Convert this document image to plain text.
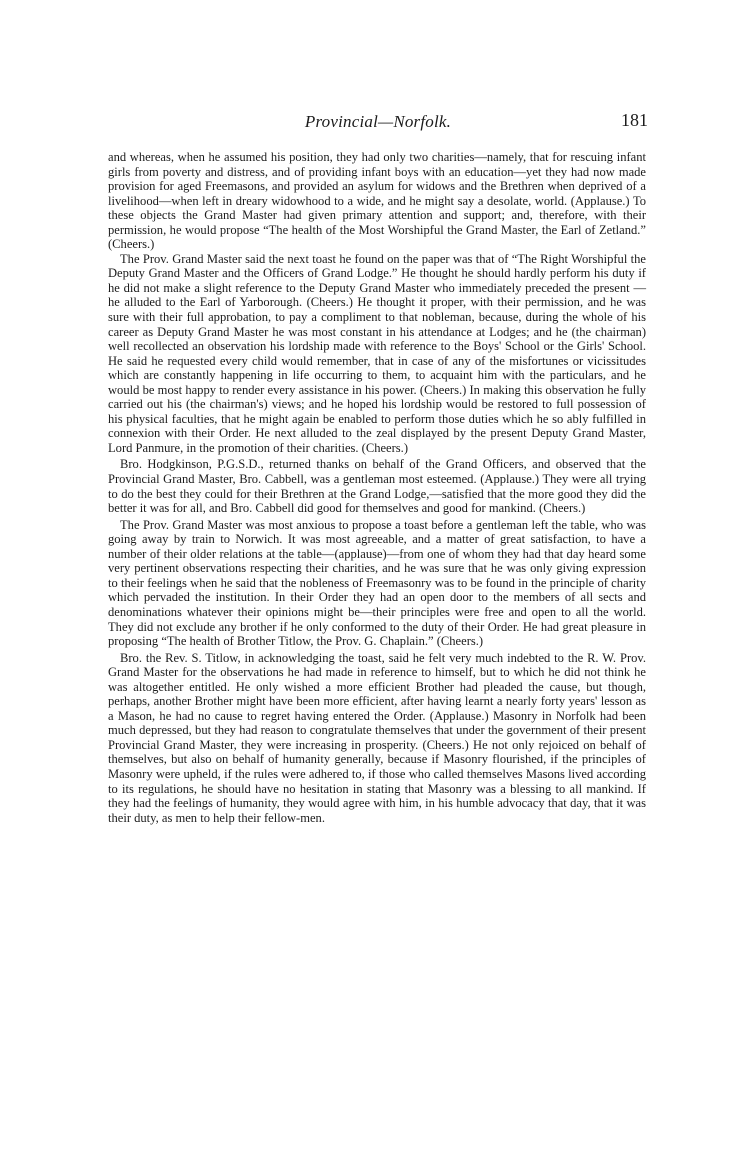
Provincial—Norfolk.	181

and whereas, when he assumed his position, they had only two charities—namely, that for rescuing infant girls from poverty and distress, and of providing infant boys with an education—yet they had now made provision for aged Freemasons, and provided an asylum for widows and the Brethren when deprived of a livelihood—when left in dreary widowhood to a wide, and he might say a desolate, world. (Applause.) To these objects the Grand Master had given primary attention and support; and, therefore, with their permission, he would propose “The health of the Most Worshipful the Grand Master, the Earl of Zetland.” (Cheers.)

The Prov. Grand Master said the next toast he found on the paper was that of “The Right Worshipful the Deputy Grand Master and the Officers of Grand Lodge.” He thought he should hardly perform his duty if he did not make a slight reference to the Deputy Grand Master who immediately preceded the present —he alluded to the Earl of Yarborough. (Cheers.) He thought it proper, with their permission, and he was sure with their full approbation, to pay a compliment to that nobleman, because, during the whole of his career as Deputy Grand Master he was most constant in his attendance at Lodges; and he (the chairman) well recollected an observation his lordship made with reference to the Boys' School or the Girls' School. He said he requested every child would remember, that in case of any of the misfortunes or vicissitudes which are constantly happening in life occurring to them, to acquaint him with the particulars, and he would be most happy to render every assistance in his power. (Cheers.) In making this observation he fully carried out his (the chairman's) views; and he hoped his lordship would be restored to full possession of his physical faculties, that he might again be enabled to perform those duties which he so ably fulfilled in connexion with their Order. He next alluded to the zeal displayed by the present Deputy Grand Master, Lord Panmure, in the promotion of their charities. (Cheers.)

Bro. Hodgkinson, P.G.S.D., returned thanks on behalf of the Grand Officers, and observed that the Provincial Grand Master, Bro. Cabbell, was a gentleman most esteemed. (Applause.) They were all trying to do the best they could for their Brethren at the Grand Lodge,—satisfied that the more good they did the better it was for all, and Bro. Cabbell did good for themselves and good for mankind. (Cheers.)

The Prov. Grand Master was most anxious to propose a toast before a gentleman left the table, who was going away by train to Norwich. It was most agreeable, and a matter of great satisfaction, to have a number of their older relations at the table—(applause)—from one of whom they had that day heard some very pertinent observations respecting their charities, and he was sure that he was only giving expression to their feelings when he said that the nobleness of Freemasonry was to be found in the principle of charity which pervaded the institution. In their Order they had an open door to the members of all sects and denominations whatever their opinions might be—their principles were free and open to all the world. They did not exclude any brother if he only conformed to the duty of their Order. He had great pleasure in proposing “The health of Brother Titlow, the Prov. G. Chaplain.” (Cheers.)

Bro. the Rev. S. Titlow, in acknowledging the toast, said he felt very much indebted to the R. W. Prov. Grand Master for the observations he had made in reference to himself, but to which he did not think he was altogether entitled. He only wished a more efficient Brother had pleaded the cause, but though, perhaps, another Brother might have been more efficient, after having learnt a nearly forty years' lesson as a Mason, he had no cause to regret having entered the Order. (Applause.) Masonry in Norfolk had been much depressed, but they had reason to congratulate themselves that under the government of their present Provincial Grand Master, they were increasing in prosperity. (Cheers.) He not only rejoiced on behalf of themselves, but also on behalf of humanity generally, because if Masonry flourished, if the principles of Masonry were upheld, if the rules were adhered to, if those who called themselves Masons lived according to its regulations, he should have no hesitation in stating that Masonry was a blessing to all mankind. If they had the feelings of humanity, they would agree with him, in his humble advocacy that day, that it was their duty, as men to help their fellow-men.
